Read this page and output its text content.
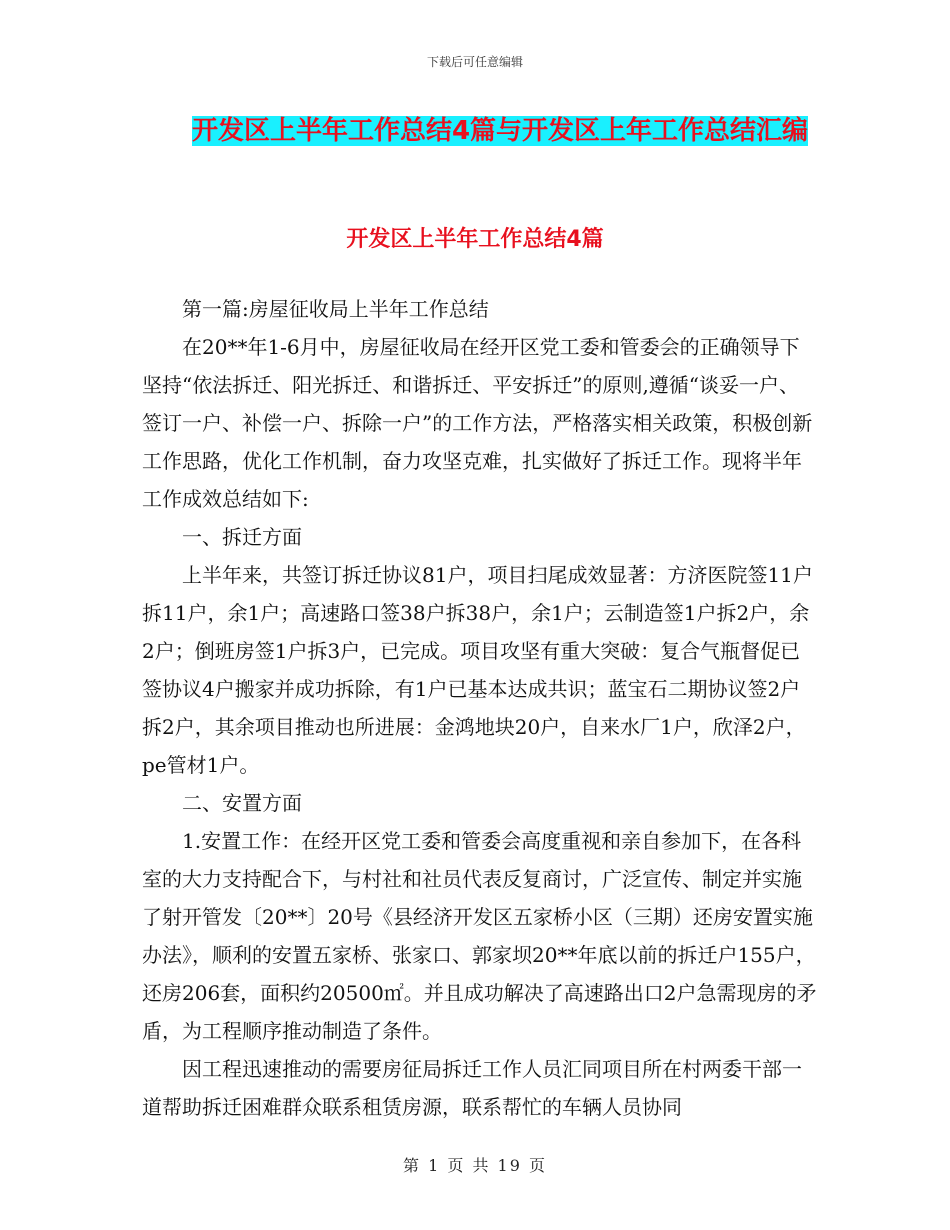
下载后可任意编辑
开发区上半年工作总结4篇与开发区上年工作总结汇编
开发区上半年工作总结4篇

第一篇:房屋征收局上半年工作总结

在20**年1-6月中，房屋征收局在经开区党工委和管委会的正确领导下坚持“依法拆迁、阳光拆迁、和谐拆迁、平安拆迁”的原则,遵循“谈妥一户、签订一户、补偿一户、拆除一户”的工作方法，严格落实相关政策，积极创新工作思路，优化工作机制，奋力攻坚克难，扎实做好了拆迁工作。现将半年工作成效总结如下:

一、拆迁方面

上半年来，共签订拆迁协议81户，项目扫尾成效显著：方济医院签11户拆11户，余1户；高速路口签38户拆38户，余1户；云制造签1户拆2户，余2户；倒班房签1户拆3户，已完成。项目攻坚有重大突破：复合气瓶督促已签协议4户搬家并成功拆除，有1户已基本达成共识；蓝宝石二期协议签2户拆2户，其余项目推动也所进展：金鸿地块20户，自来水厂1户，欣泽2户，pe管材1户。

二、安置方面

1.安置工作：在经开区党工委和管委会高度重视和亲自参加下，在各科室的大力支持配合下，与村社和社员代表反复商讨，广泛宣传、制定并实施了射开管发〔20**〕20号《县经济开发区五家桥小区（三期）还房安置实施办法》，顺利的安置五家桥、张家口、郭家坝20**年底以前的拆迁户155户，还房206套，面积约20500㎡。并且成功解决了高速路出口2户急需现房的矛盾，为工程顺序推动制造了条件。

因工程迅速推动的需要房征局拆迁工作人员汇同项目所在村两委干部一道帮助拆迁困难群众联系租赁房源，联系帮忙的车辆人员协同

第 1 页 共 19 页
